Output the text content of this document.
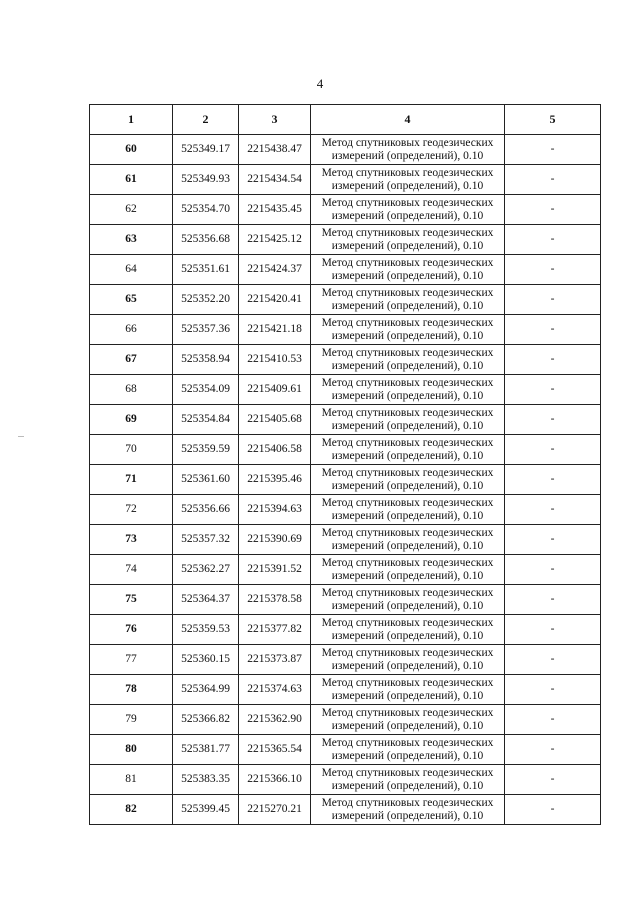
4
1	2	3	4	5
60	525349.17	2215438.47	Метод спутниковых геодезических
измерений (определений), 0.10	-
61	525349.93	2215434.54	Метод спутниковых геодезических
измерений (определений), 0.10	-
62	525354.70	2215435.45	Метод спутниковых геодезических
измерений (определений), 0.10	-
63	525356.68	2215425.12	Метод спутниковых геодезических
измерений (определений), 0.10	-
64	525351.61	2215424.37	Метод спутниковых геодезических
измерений (определений), 0.10	-
65	525352.20	2215420.41	Метод спутниковых геодезических
измерений (определений), 0.10	-
66	525357.36	2215421.18	Метод спутниковых геодезических
измерений (определений), 0.10	-
67	525358.94	2215410.53	Метод спутниковых геодезических
измерений (определений), 0.10	-
68	525354.09	2215409.61	Метод спутниковых геодезических
измерений (определений), 0.10	-
69	525354.84	2215405.68	Метод спутниковых геодезических
измерений (определений), 0.10	-
70	525359.59	2215406.58	Метод спутниковых геодезических
измерений (определений), 0.10	-
71	525361.60	2215395.46	Метод спутниковых геодезических
измерений (определений), 0.10	-
72	525356.66	2215394.63	Метод спутниковых геодезических
измерений (определений), 0.10	-
73	525357.32	2215390.69	Метод спутниковых геодезических
измерений (определений), 0.10	-
74	525362.27	2215391.52	Метод спутниковых геодезических
измерений (определений), 0.10	-
75	525364.37	2215378.58	Метод спутниковых геодезических
измерений (определений), 0.10	-
76	525359.53	2215377.82	Метод спутниковых геодезических
измерений (определений), 0.10	-
77	525360.15	2215373.87	Метод спутниковых геодезических
измерений (определений), 0.10	-
78	525364.99	2215374.63	Метод спутниковых геодезических
измерений (определений), 0.10	-
79	525366.82	2215362.90	Метод спутниковых геодезических
измерений (определений), 0.10	-
80	525381.77	2215365.54	Метод спутниковых геодезических
измерений (определений), 0.10	-
81	525383.35	2215366.10	Метод спутниковых геодезических
измерений (определений), 0.10	-
82	525399.45	2215270.21	Метод спутниковых геодезических
измерений (определений), 0.10	-
